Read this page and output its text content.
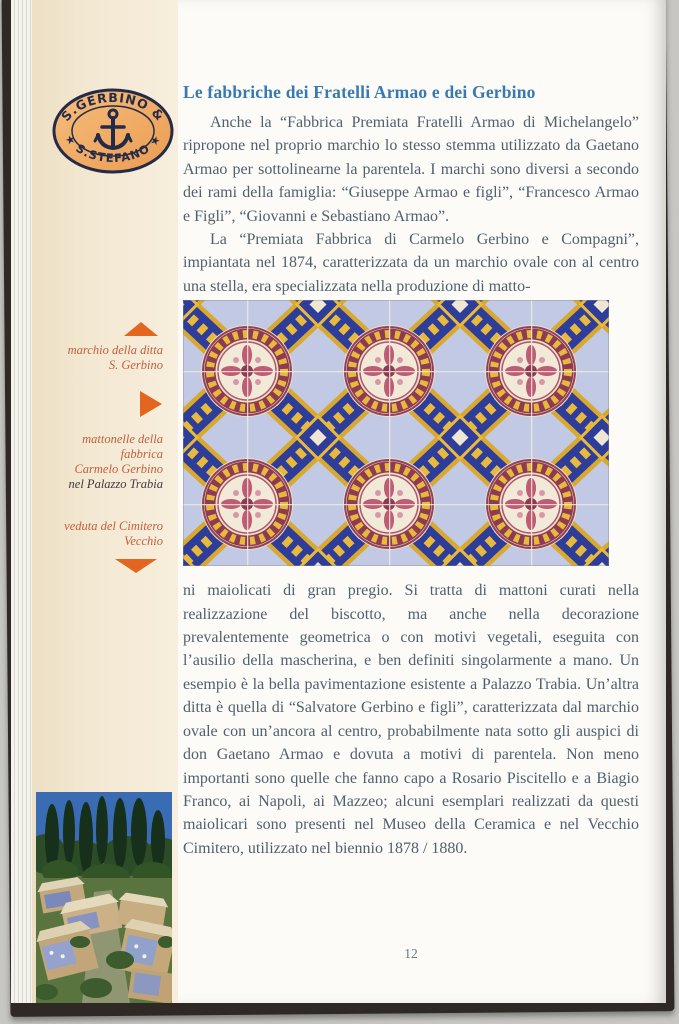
S.GERBINO &
★ S.STEFANO ★
marchio della ditta
S. Gerbino
mattonelle della
fabbrica
Carmelo Gerbino
nel Palazzo Trabia
veduta del Cimitero
Vecchio
Le fabbriche dei Fratelli Armao e dei Gerbino

Anche la “Fabbrica Premiata Fratelli Armao di Michelangelo” ripropone nel proprio marchio lo stesso stemma utilizzato da Gaetano Armao per sottolinearne la parentela. I marchi sono diversi a secondo dei rami della famiglia: “Giuseppe Armao e figli”, “Francesco Armao e Figli”, “Giovanni e Sebastiano Armao”.

La “Premiata Fabbrica di Carmelo Gerbino e Compagni”, impiantata nel 1874, caratterizzata da un marchio ovale con al centro una stella, era specializzata nella produzione di matto-

ni maiolicati di gran pregio. Si tratta di mattoni curati nella realizzazione del biscotto, ma anche nella decorazione prevalentemente geometrica o con motivi vegetali, eseguita con l’ausilio della mascherina, e ben definiti singolarmente a mano. Un esempio è la bella pavimentazione esistente a Palazzo Trabia. Un’altra ditta è quella di “Salvatore Gerbino e figli”, caratterizzata dal marchio ovale con un’ancora al centro, probabilmente nata sotto gli auspici di don Gaetano Armao e dovuta a motivi di parentela. Non meno importanti sono quelle che fanno capo a Rosario Piscitello e a Biagio Franco, ai Napoli, ai Mazzeo; alcuni esemplari realizzati da questi maiolicari sono presenti nel Museo della Ceramica e nel Vecchio Cimitero, utilizzato nel biennio 1878 / 1880.

12
